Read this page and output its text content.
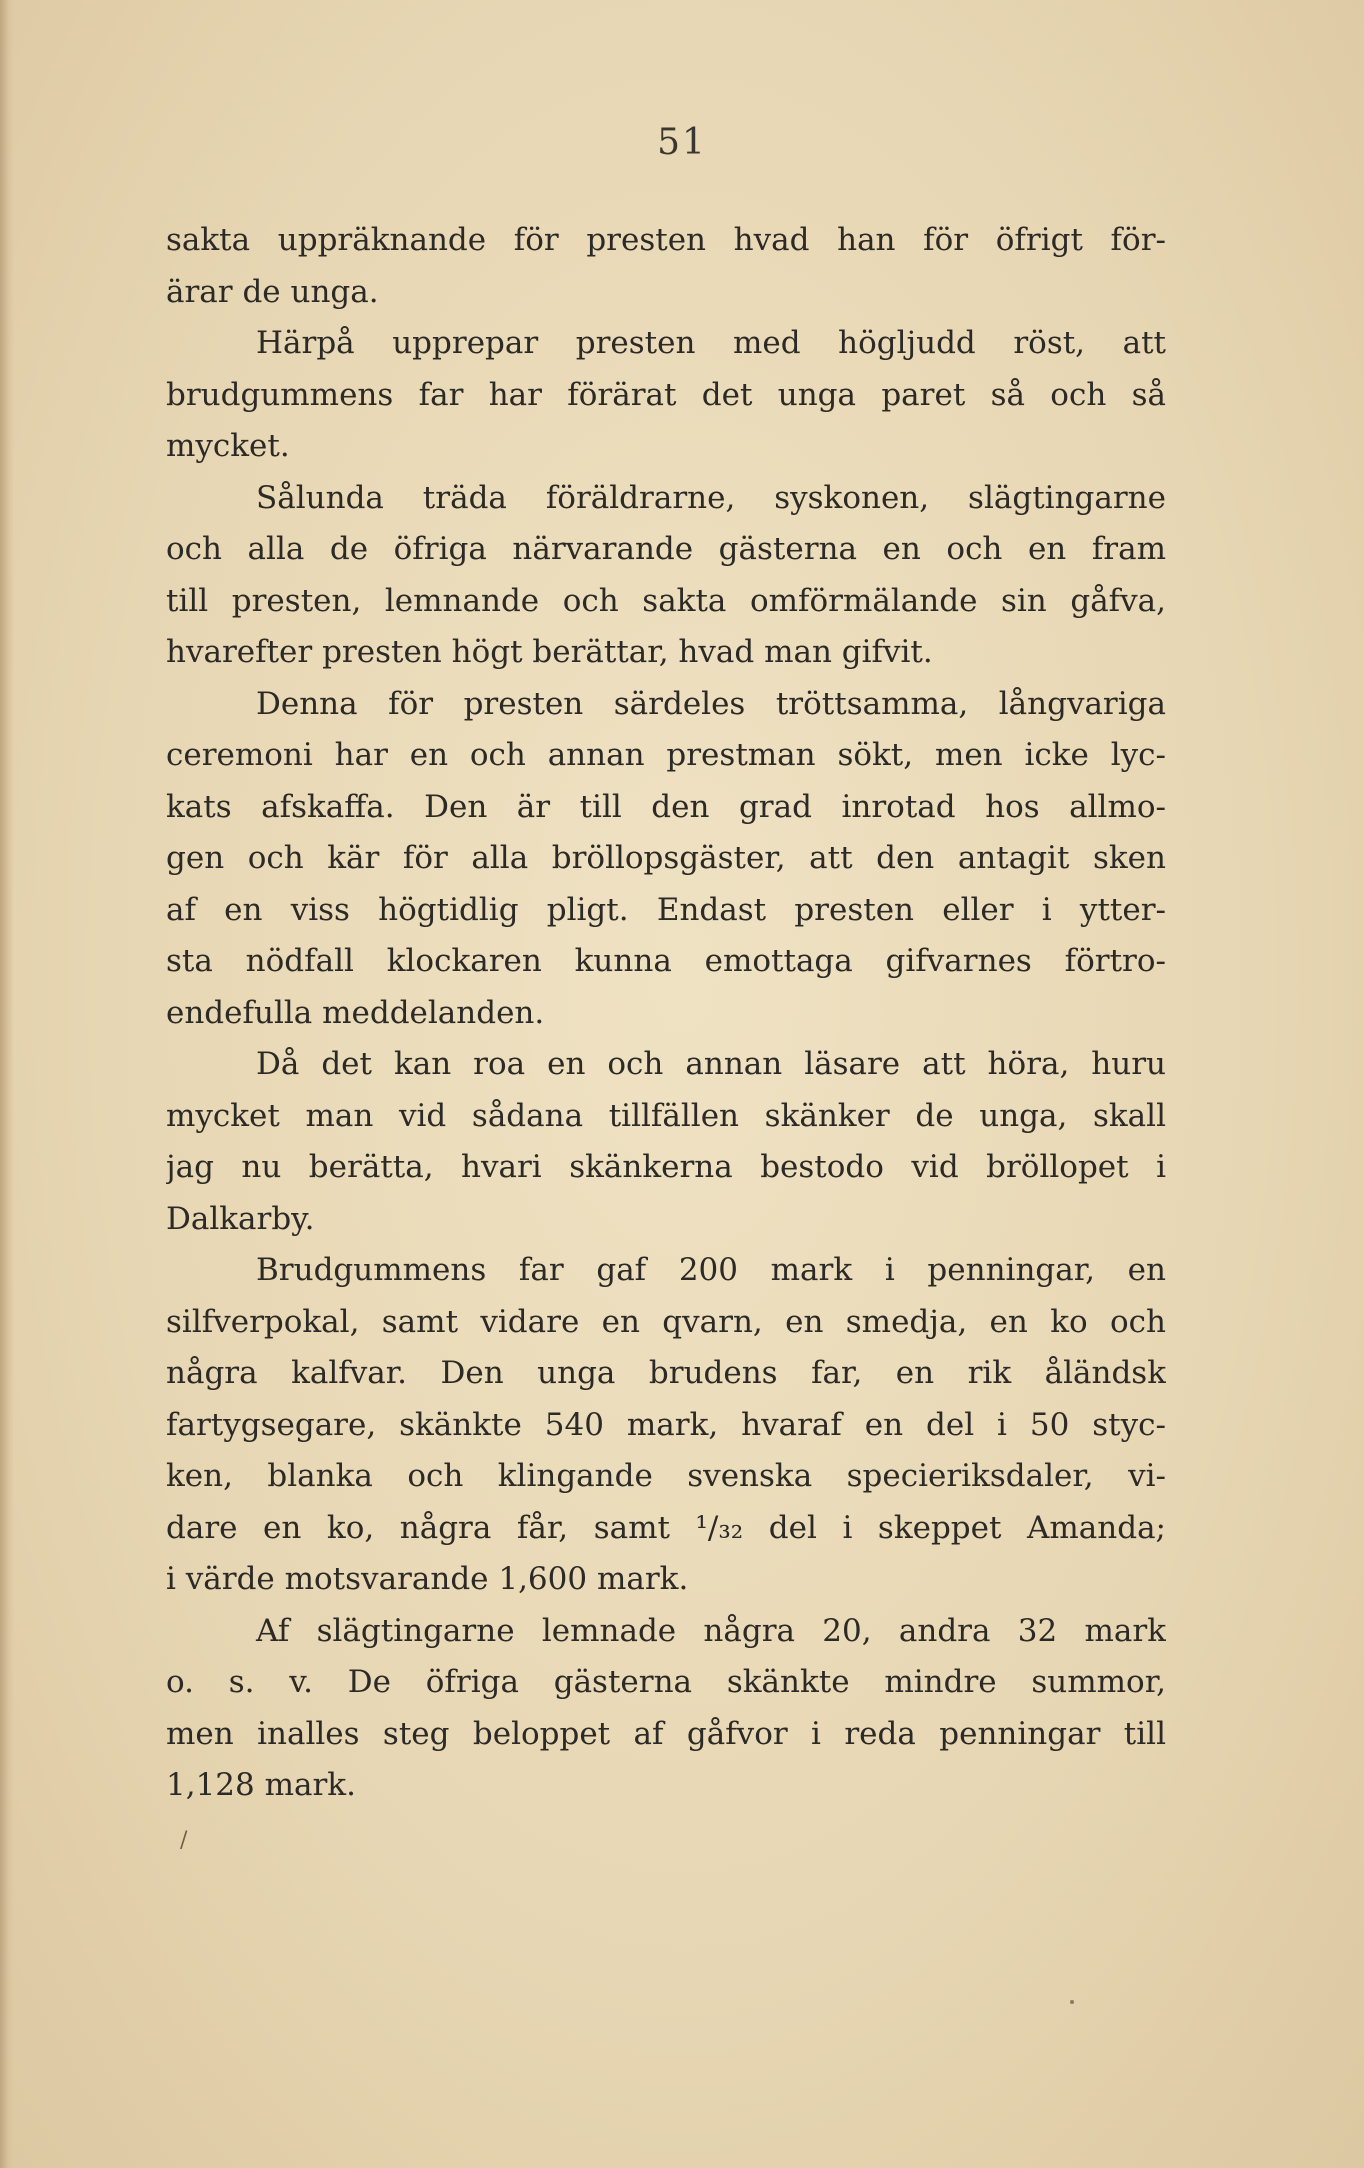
51
sakta uppräknande för presten hvad han för öfrigt för-
ärar de unga.
Härpå upprepar presten med högljudd röst, att
brudgummens far har förärat det unga paret så och så
mycket.
Sålunda träda föräldrarne, syskonen, slägtingarne
och alla de öfriga närvarande gästerna en och en fram
till presten, lemnande och sakta omförmälande sin gåfva,
hvarefter presten högt berättar, hvad man gifvit.
Denna för presten särdeles tröttsamma, långvariga
ceremoni har en och annan prestman sökt, men icke lyc-
kats afskaffa. Den är till den grad inrotad hos allmo-
gen och kär för alla bröllopsgäster, att den antagit sken
af en viss högtidlig pligt. Endast presten eller i ytter-
sta nödfall klockaren kunna emottaga gifvarnes förtro-
endefulla meddelanden.
Då det kan roa en och annan läsare att höra, huru
mycket man vid sådana tillfällen skänker de unga, skall
jag nu berätta, hvari skänkerna bestodo vid bröllopet i
Dalkarby.
Brudgummens far gaf 200 mark i penningar, en
silfverpokal, samt vidare en qvarn, en smedja, en ko och
några kalfvar. Den unga brudens far, en rik åländsk
fartygsegare, skänkte 540 mark, hvaraf en del i 50 styc-
ken, blanka och klingande svenska specieriksdaler, vi-
dare en ko, några får, samt ¹/₃₂ del i skeppet Amanda;
i värde motsvarande 1,600 mark.
Af slägtingarne lemnade några 20, andra 32 mark
o. s. v. De öfriga gästerna skänkte mindre summor,
men inalles steg beloppet af gåfvor i reda penningar till
1,128 mark.
/
